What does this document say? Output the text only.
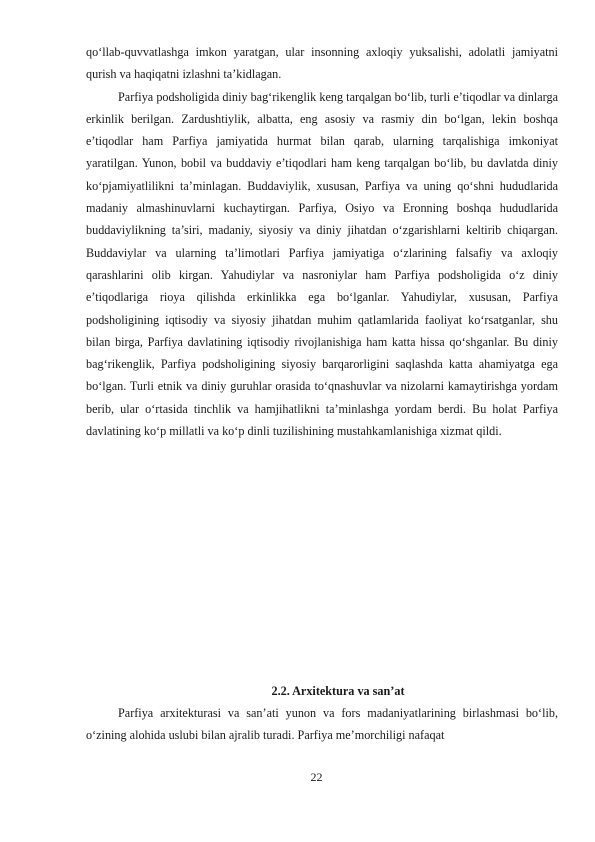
qo‘llab-quvvatlashga imkon yaratgan, ular insonning axloqiy yuksalishi, adolatli jamiyatni qurish va haqiqatni izlashni ta’kidlagan.

Parfiya podsholigida diniy bag‘rikenglik keng tarqalgan bo‘lib, turli e’tiqodlar va dinlarga erkinlik berilgan. Zardushtiylik, albatta, eng asosiy va rasmiy din bo‘lgan, lekin boshqa e’tiqodlar ham Parfiya jamiyatida hurmat bilan qarab, ularning tarqalishiga imkoniyat yaratilgan. Yunon, bobil va buddaviy e’tiqodlari ham keng tarqalgan bo‘lib, bu davlatda diniy ko‘pjamiyatlilikni ta’minlagan. Buddaviylik, xususan, Parfiya va uning qo‘shni hududlarida madaniy almashinuvlarni kuchaytirgan. Parfiya, Osiyo va Eronning boshqa hududlarida buddaviylikning ta’siri, madaniy, siyosiy va diniy jihatdan o‘zgarishlarni keltirib chiqargan. Buddaviylar va ularning ta’limotlari Parfiya jamiyatiga o‘zlarining falsafiy va axloqiy qarashlarini olib kirgan. Yahudiylar va nasroniylar ham Parfiya podsholigida o‘z diniy e’tiqodlariga rioya qilishda erkinlikka ega bo‘lganlar. Yahudiylar, xususan, Parfiya podsholigining iqtisodiy va siyosiy jihatdan muhim qatlamlarida faoliyat ko‘rsatganlar, shu bilan birga, Parfiya davlatining iqtisodiy rivojlanishiga ham katta hissa qo‘shganlar. Bu diniy bag‘rikenglik, Parfiya podsholigining siyosiy barqarorligini saqlashda katta ahamiyatga ega bo‘lgan. Turli etnik va diniy guruhlar orasida to‘qnashuvlar va nizolarni kamaytirishga yordam berib, ular o‘rtasida tinchlik va hamjihatlikni ta’minlashga yordam berdi. Bu holat Parfiya davlatining ko‘p millatli va ko‘p dinli tuzilishining mustahkamlanishiga xizmat qildi.

2.2. Arxitektura va san’at

Parfiya arxitekturasi va san’ati yunon va fors madaniyatlarining birlashmasi bo‘lib, o‘zining alohida uslubi bilan ajralib turadi. Parfiya me’morchiligi nafaqat

22
